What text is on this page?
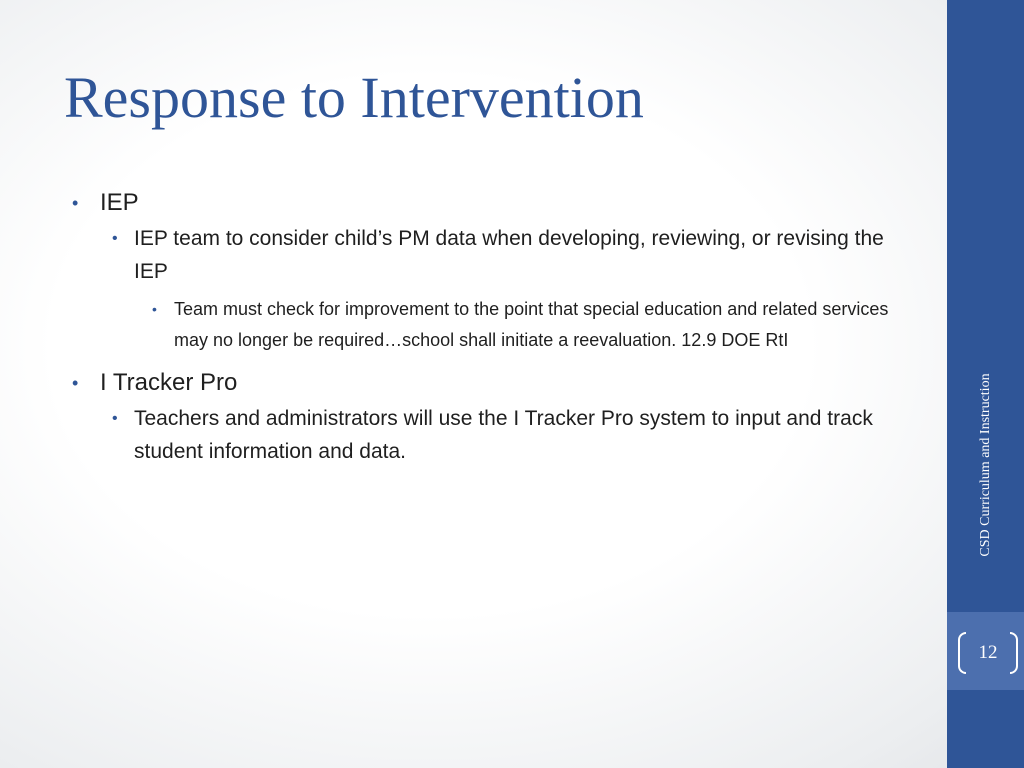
Response to Intervention
• IEP
• IEP team to consider child’s PM data when developing, reviewing, or revising the IEP
• Team must check for improvement to the point that special education and related services may no longer be required…school shall initiate a reevaluation. 12.9 DOE RtI
• I Tracker Pro
• Teachers and administrators will use the I Tracker Pro system to input and track student information and data.	CSD Curriculum and Instruction
12
